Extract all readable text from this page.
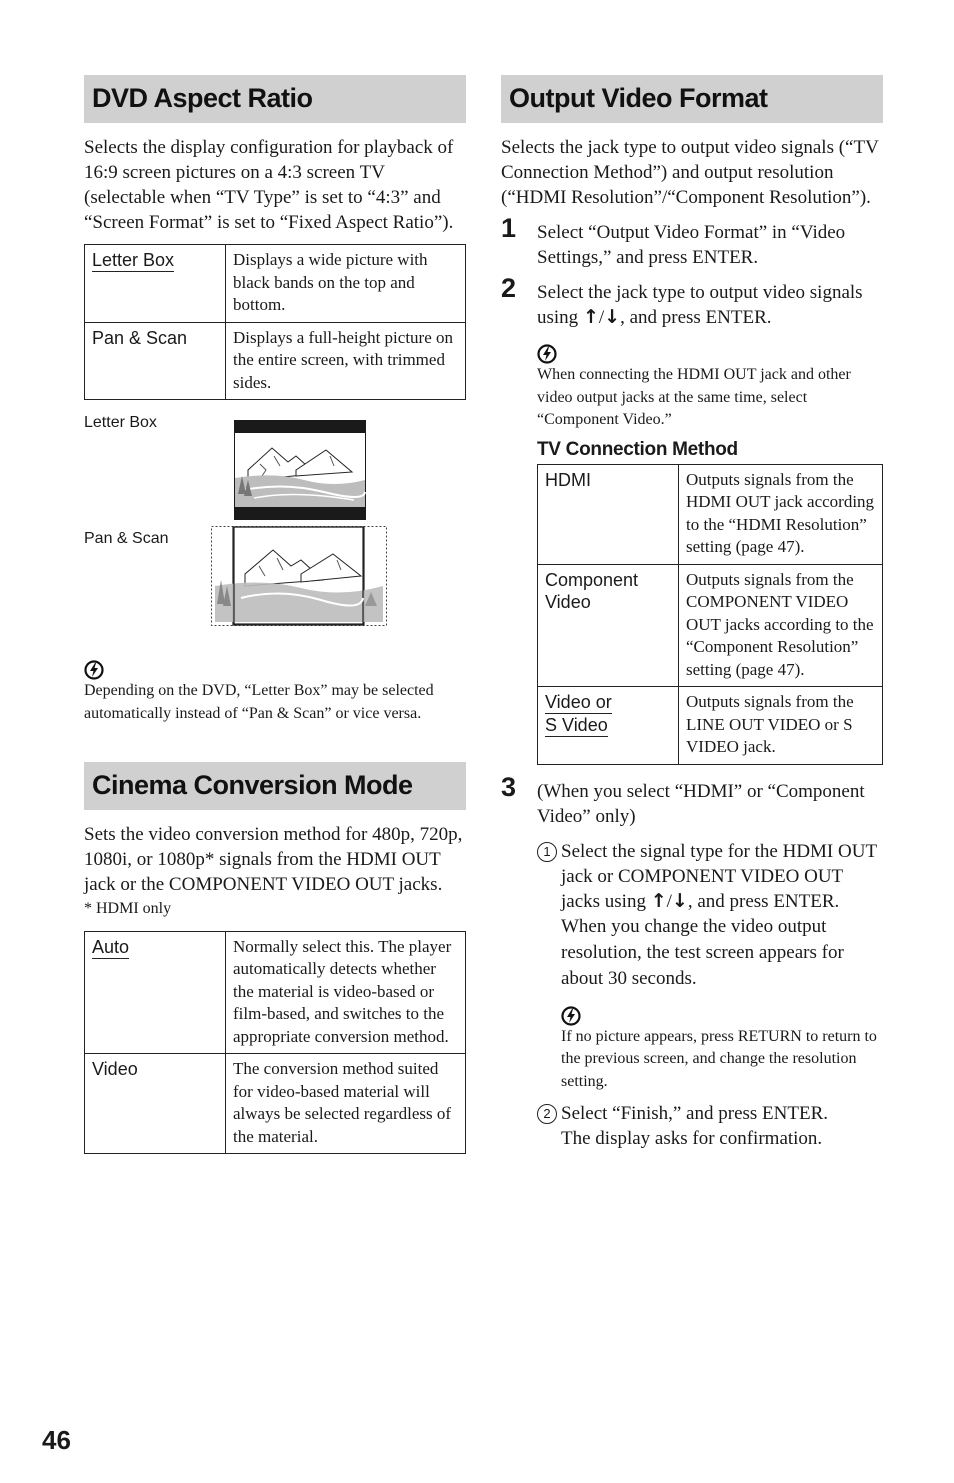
DVD Aspect Ratio

Selects the display configuration for playback of 16:9 screen pictures on a 4:3 screen TV (selectable when “TV Type” is set to “4:3” and “Screen Format” is set to “Fixed Aspect Ratio”).

Letter Box	Displays a wide picture with black bands on the top and bottom.
Pan & Scan	Displays a full-height picture on the entire screen, with trimmed sides.
Letter Box
Pan & Scan

Depending on the DVD, “Letter Box” may be selected automatically instead of “Pan & Scan” or vice versa.

Cinema Conversion Mode

Sets the video conversion method for 480p, 720p, 1080i, or 1080p* signals from the HDMI OUT jack or the COMPONENT VIDEO OUT jacks.

* HDMI only

Auto	Normally select this. The player automatically detects whether the material is video-based or film-based, and switches to the appropriate conversion method.
Video	The conversion method suited for video-based material will always be selected regardless of the material.
Output Video Format

Selects the jack type to output video signals (“TV Connection Method”) and output resolution (“HDMI Resolution”/“Component Resolution”).

1 Select “Output Video Format” in “Video Settings,” and press ENTER.
2 Select the jack type to output video signals using ↑/↓, and press ENTER.

When connecting the HDMI OUT jack and other video output jacks at the same time, select “Component Video.”

TV Connection Method
HDMI	Outputs signals from the HDMI OUT jack according to the “HDMI Resolution” setting (page 47).
Component
Video	Outputs signals from the COMPONENT VIDEO OUT jacks according to the “Component Resolution” setting (page 47).
Video or
S Video	Outputs signals from the LINE OUT VIDEO or S VIDEO jack.
3 (When you select “HDMI” or “Component Video” only)
1 Select the signal type for the HDMI OUT jack or COMPONENT VIDEO OUT jacks using ↑/↓, and press ENTER.
When you change the video output resolution, the test screen appears for about 30 seconds.

If no picture appears, press RETURN to return to the previous screen, and change the resolution setting.

2 Select “Finish,” and press ENTER.
The display asks for confirmation.
46
